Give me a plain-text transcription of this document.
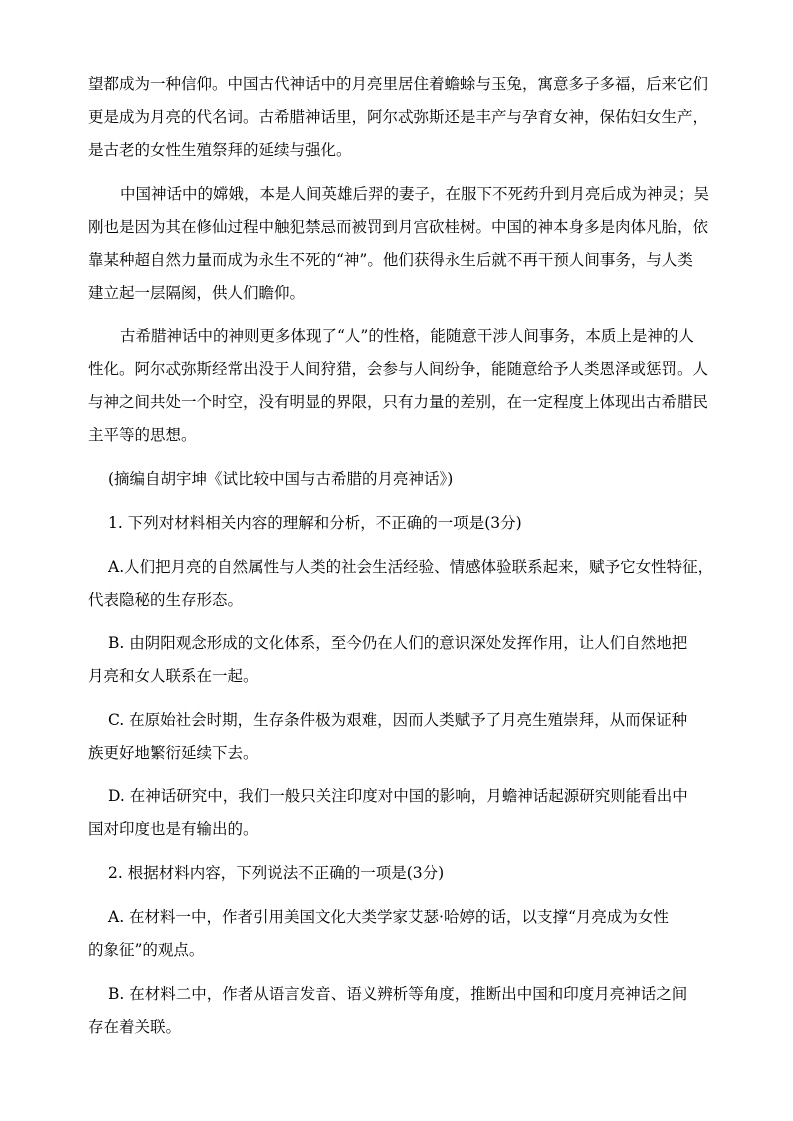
望都成为一种信仰。中国古代神话中的月亮里居住着蟾蜍与玉兔，寓意多子多福，后来它们
更是成为月亮的代名词。古希腊神话里，阿尔忒弥斯还是丰产与孕育女神，保佑妇女生产，
是古老的女性生殖祭拜的延续与强化。
中国神话中的嫦娥，本是人间英雄后羿的妻子，在服下不死药升到月亮后成为神灵；吴
刚也是因为其在修仙过程中触犯禁忌而被罚到月宫砍桂树。中国的神本身多是肉体凡胎，依
靠某种超自然力量而成为永生不死的“神”。他们获得永生后就不再干预人间事务，与人类
建立起一层隔阂，供人们瞻仰。
古希腊神话中的神则更多体现了“人”的性格，能随意干涉人间事务，本质上是神的人
性化。阿尔忒弥斯经常出没于人间狩猎，会参与人间纷争，能随意给予人类恩泽或惩罚。人
与神之间共处一个时空，没有明显的界限，只有力量的差别，在一定程度上体现出古希腊民
主平等的思想。
(摘编自胡宇坤《试比较中国与古希腊的月亮神话》)
1. 下列对材料相关内容的理解和分析，不正确的一项是(3分)
A.人们把月亮的自然属性与人类的社会生活经验、情感体验联系起来，赋予它女性特征，
代表隐秘的生存形态。
B. 由阴阳观念形成的文化体系，至今仍在人们的意识深处发挥作用，让人们自然地把
月亮和女人联系在一起。
C. 在原始社会时期，生存条件极为艰难，因而人类赋予了月亮生殖崇拜，从而保证种
族更好地繁衍延续下去。
D. 在神话研究中，我们一般只关注印度对中国的影响，月蟾神话起源研究则能看出中
国对印度也是有输出的。
2. 根据材料内容，下列说法不正确的一项是(3分)
A. 在材料一中，作者引用美国文化大类学家艾瑟·哈婷的话，以支撑“月亮成为女性
的象征”的观点。
B. 在材料二中，作者从语言发音、语义辨析等角度，推断出中国和印度月亮神话之间
存在着关联。
